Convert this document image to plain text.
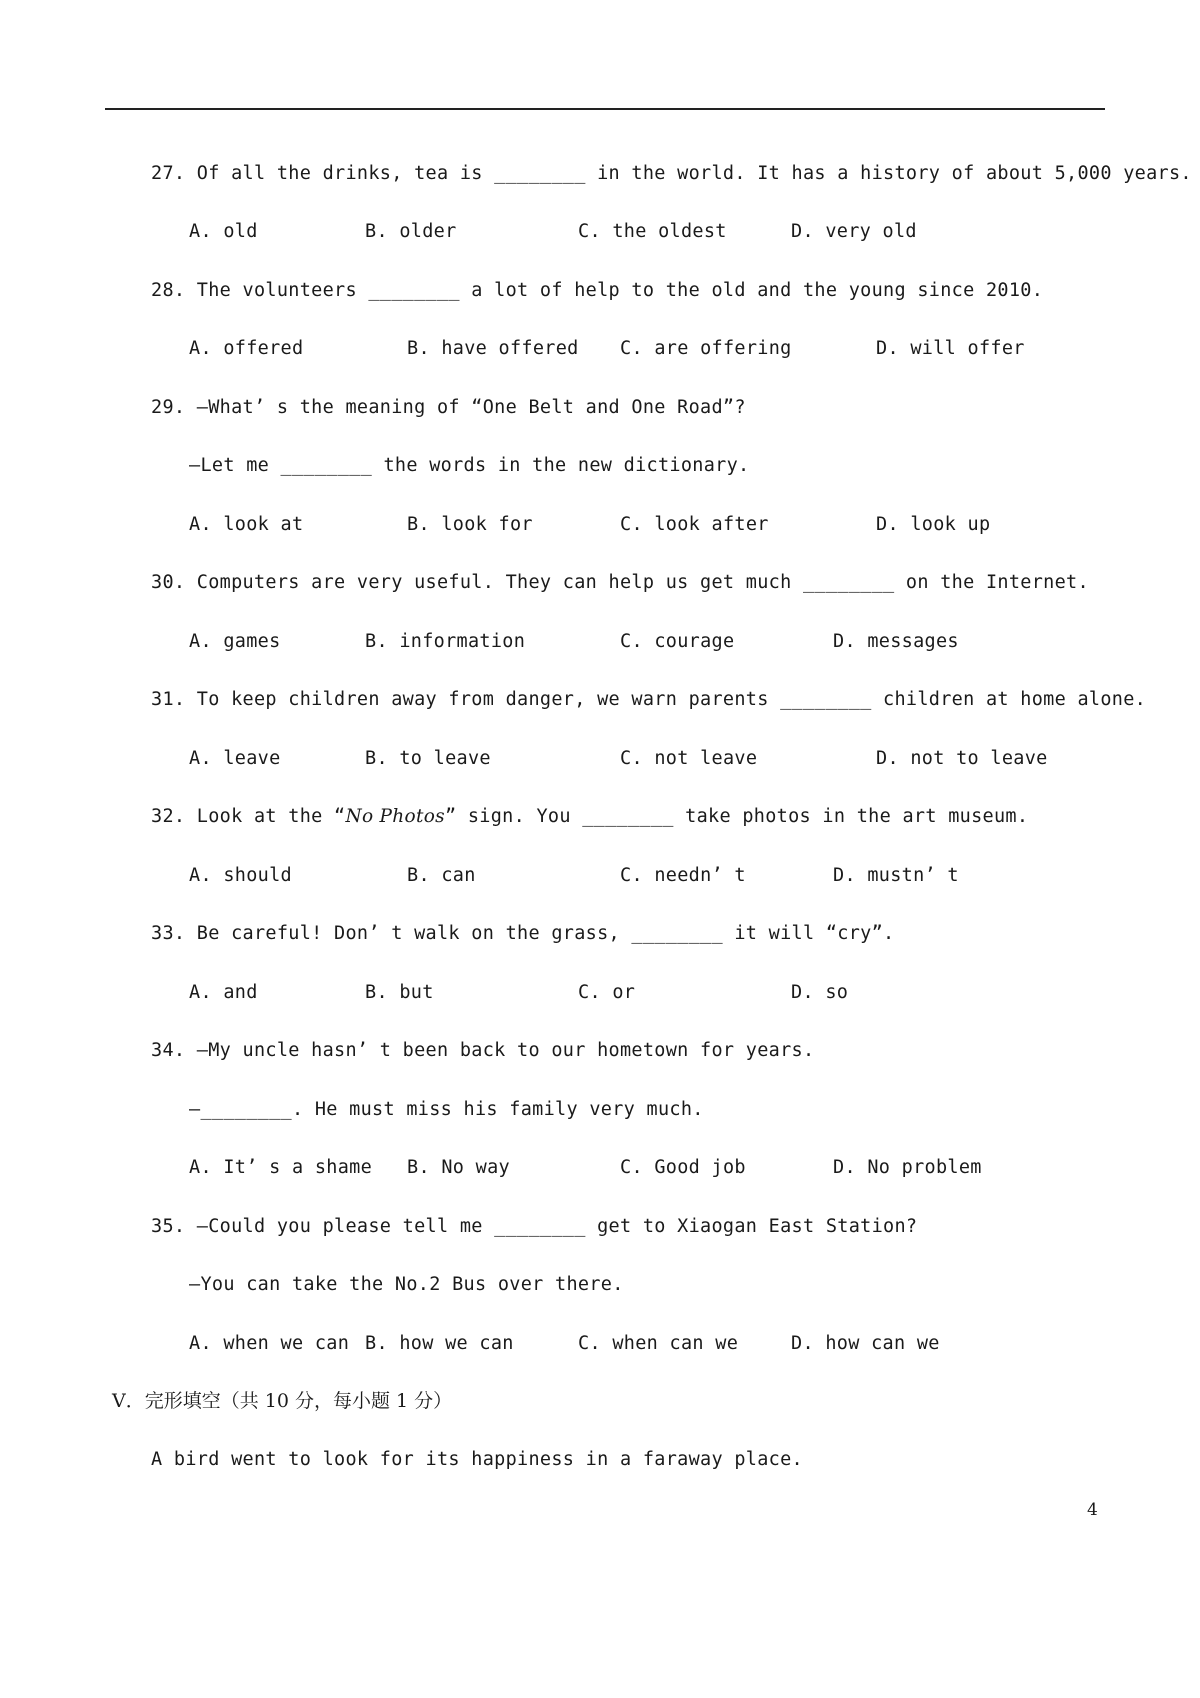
27. Of all the drinks, tea is ________ in the world. It has a history of about 5,000 years.
A. old	B. older	C. the oldest	D. very old
28. The volunteers ________ a lot of help to the old and the young since 2010.
A. offered	B. have offered C. are offering	D. will offer
29. —What’ s the meaning of “One Belt and One Road”?
—Let me ________ the words in the new dictionary.
A. look at	B. look for	C. look after	D. look up
30. Computers are very useful. They can help us get much ________ on the Internet.
A. games	B. information	C. courage	D. messages
31. To keep children away from danger, we warn parents ________ children at home alone.
A. leave	B. to leave	C. not leave	D. not to leave
32. Look at the “No Photos” sign. You ________ take photos in the art museum.
A. should	B. can	C. needn’ t	D. mustn’ t
33. Be careful! Don’ t walk on the grass, ________ it will “cry”.
A. and	B. but	C. or	D. so
34. —My uncle hasn’ t been back to our hometown for years.
—________. He must miss his family very much.
A. It’ s a shame B. No way	C. Good job	D. No problem
35. —Could you please tell me ________ get to Xiaogan East Station?
—You can take the No.2 Bus over there.
A. when we can B. how we can	C. when can we	D. how can we
V．完形填空（共 10 分，每小题 1 分）
A bird went to look for its happiness in a faraway place.
4
